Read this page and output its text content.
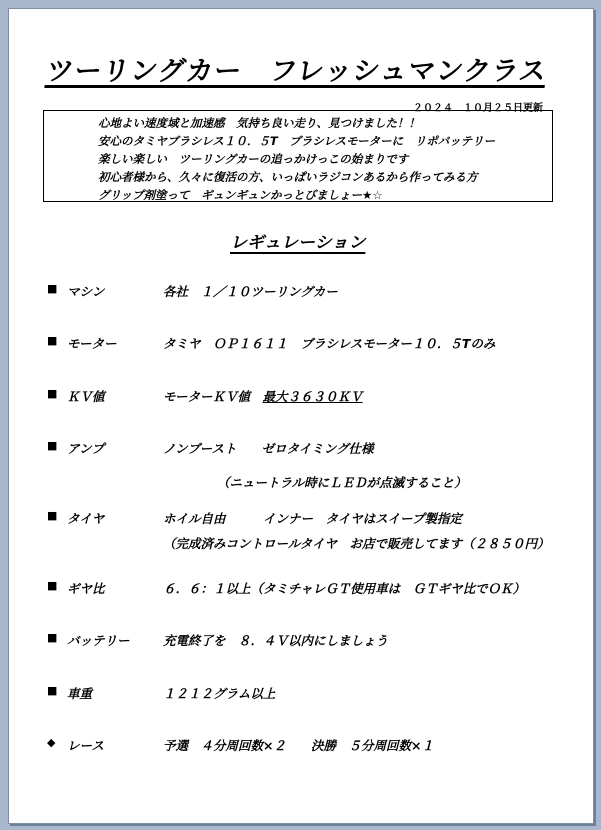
ツーリングカー　フレッシュマンクラス
２０２４　１０月２５日更新
心地よい速度域と加速感　気持ち良い走り、見つけました！！
安心のタミヤブラシレス１０．５T　ブラシレスモーターに　リポバッテリー
楽しい楽しい　ツーリングカーの追っかけっこの始まりです
初心者様から、久々に復活の方、いっぱいラジコンあるから作ってみる方
グリップ剤塗って　ギュンギュンかっとびましょー★☆
レギュレーション
■ マシン	各社　１／１０ツーリングカー
■ モーター	タミヤ　ＯＰ１６１１　ブラシレスモーター１０．５Tのみ
■ ＫＶ値	モーターＫＶ値　最大３６３０ＫＶ
■ アンプ	ノンブースト　　ゼロタイミング仕様
（ニュートラル時にＬＥＤが点滅すること）
■ タイヤ	ホイル自由　　　インナー　タイヤはスイープ製指定
（完成済みコントロールタイヤ　お店で販売してます（２８５０円）
■ ギヤ比	６．６：１以上（タミチャレＧＴ使用車は　ＧＴギヤ比でＯＫ）
■ バッテリー	充電終了を　８．４Ｖ以内にしましょう
■ 車重	１２１２グラム以上
◆ レース	予選　４分周回数×２　　決勝　５分周回数×１
